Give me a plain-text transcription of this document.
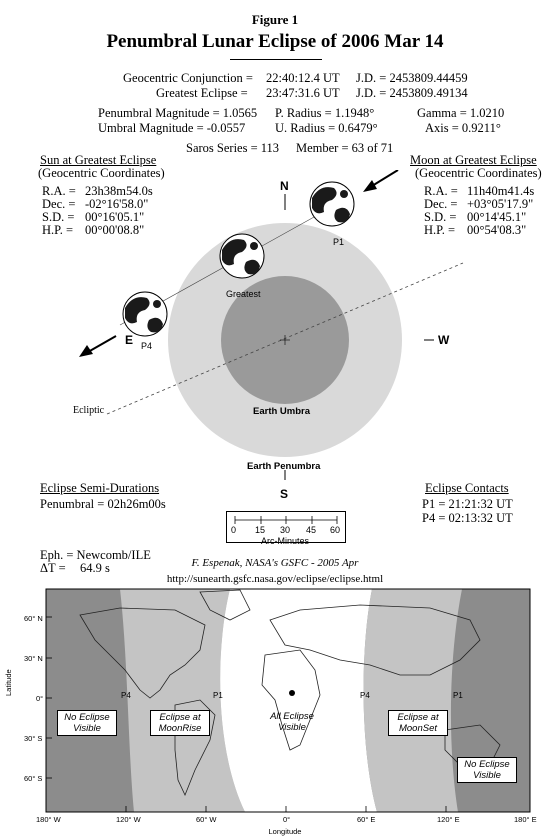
Figure 1
Penumbral Lunar Eclipse of 2006 Mar 14
Geocentric Conjunction = 22:40:12.4 UT J.D. = 2453809.44459
Greatest Eclipse = 23:47:31.6 UT J.D. = 2453809.49134
Penumbral Magnitude = 1.0565 P. Radius = 1.1948°	Gamma = 1.0210
Umbral Magnitude = -0.0557 U. Radius = 0.6479°	Axis = 0.9211°
Saros Series = 113 Member = 63 of 71
Sun at Greatest Eclipse
(Geocentric Coordinates)
R.A. = 23h38m54.0s
Dec. = -02°16'58.0"
S.D. = 00°16'05.1"
H.P. = 00°00'08.8"
Moon at Greatest Eclipse
(Geocentric Coordinates)
R.A. = 11h40m41.4s
Dec. = +03°05'17.9"
S.D. = 00°14'45.1"
H.P. = 00°54'08.3"
N
S
E	W
Ecliptic
P1
Greatest
P4
Earth Umbra
Earth Penumbra
Eclipse Semi-Durations
Penumbral = 02h26m00s
Eclipse Contacts
P1 = 21:21:32 UT
P4 = 02:13:32 UT
0 15 30 45 60
Arc-Minutes
Eph. = Newcomb/ILE
ΔT = 64.9 s	F. Espenak, NASA's GSFC - 2005 Apr
http://sunearth.gsfc.nasa.gov/eclipse/eclipse.html
60° N
30° N
0°
30° S
60° S
Latitude
180° W	120° W	60° W	0°	60° E	120° E	180° E
Longitude
P4	P1	P4	P1
No Eclipse
Visible
Eclipse at
MoonRise
All Eclipse
Visible
Eclipse at
MoonSet
No Eclipse
Visible
